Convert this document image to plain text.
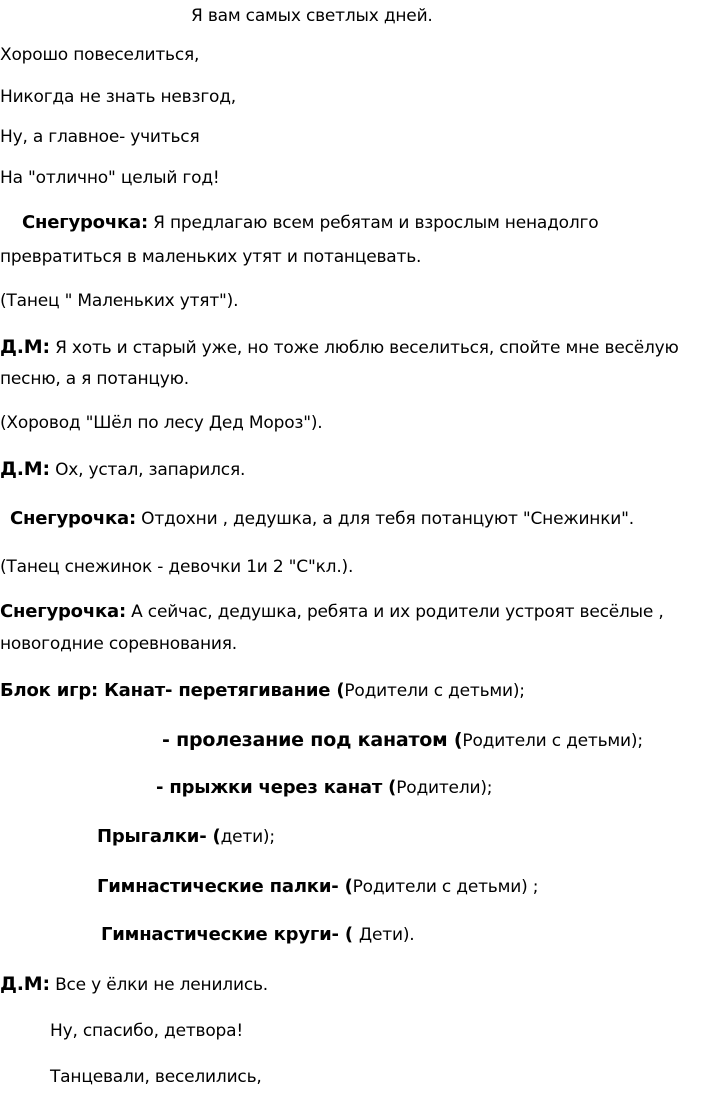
Я вам самых светлых дней.
Хорошо повеселиться,
Никогда не знать невзгод,
Ну, а главное- учиться
На "отлично" целый год!
Снегурочка: Я предлагаю всем ребятам и взрослым ненадолго
превратиться в маленьких утят и потанцевать.
(Танец " Маленьких утят").
Д.М: Я хоть и старый уже, но тоже люблю веселиться, спойте мне весёлую
песню, а я потанцую.
(Хоровод "Шёл по лесу Дед Мороз").
Д.М: Ох, устал, запарился.
Снегурочка: Отдохни , дедушка, а для тебя потанцуют "Снежинки".
(Танец снежинок - девочки 1и 2 "С"кл.).
Снегурочка: А сейчас, дедушка, ребята и их родители устроят весёлые ,
новогодние соревнования.
Блок игр: Канат- перетягивание (Родители с детьми);
- пролезание под канатом (Родители с детьми);
- прыжки через канат (Родители);
Прыгалки- (дети);
Гимнастические палки- (Родители с детьми) ;
Гимнастические круги- ( Дети).
Д.М: Все у ёлки не ленились.
Ну, спасибо, детвора!
Танцевали, веселились,
